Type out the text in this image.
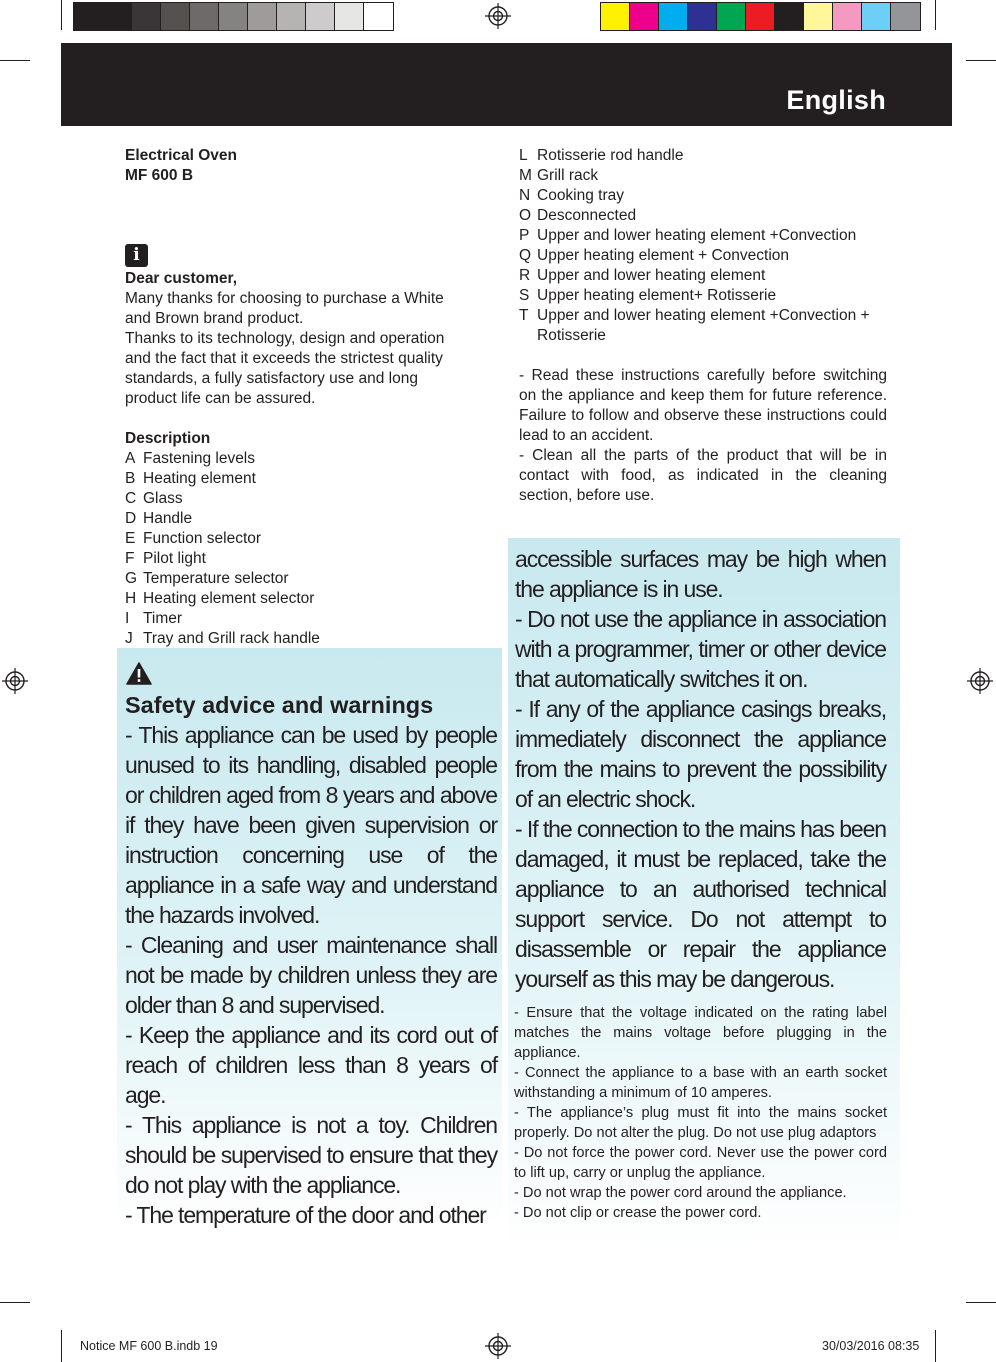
English
Electrical Oven
MF 600 B
i
Dear customer,
Many thanks for choosing to purchase a White
and Brown brand product.
Thanks to its technology, design and operation
and the fact that it exceeds the strictest quality
standards, a fully satisfactory use and long
product life can be assured.
Description
A Fastening levels
B Heating element
C Glass
D Handle
E Function selector
F Pilot light
G Temperature selector
H Heating element selector
I Timer
J Tray and Grill rack handle
L Rotisserie rod handle
M Grill rack
N Cooking tray
O Desconnected
P Upper and lower heating element +Convection
Q Upper heating element + Convection
R Upper and lower heating element
S Upper heating element+ Rotisserie
T Upper and lower heating element +Convection + Rotisserie

- Read these instructions carefully before switching on the appliance and keep them for future reference. Failure to follow and observe these instructions could lead to an accident.

- Clean all the parts of the product that will be in contact with food, as indicated in the cleaning section, before use.

Safety advice and warnings

- This appliance can be used by people unused to its handling, disabled people or children aged from 8 years and above if they have been given supervision or instruction concerning use of the appliance in a safe way and understand the hazards involved.

- Cleaning and user maintenance shall not be made by children unless they are older than 8 and supervised.

- Keep the appliance and its cord out of reach of children less than 8 years of age.

- This appliance is not a toy. Children should be supervised to ensure that they do not play with the appliance.

- The temperature of the door and other

accessible surfaces may be high when the appliance is in use.

- Do not use the appliance in association with a programmer, timer or other device that automatically switches it on.

- If any of the appliance casings breaks, immediately disconnect the appliance from the mains to prevent the possibility of an electric shock.

- If the connection to the mains has been damaged, it must be replaced, take the appliance to an authorised technical support service. Do not attempt to disassemble or repair the appliance yourself as this may be dangerous.

- Ensure that the voltage indicated on the rating label matches the mains voltage before plugging in the appliance.

- Connect the appliance to a base with an earth socket withstanding a minimum of 10 amperes.

- The appliance’s plug must fit into the mains socket properly. Do not alter the plug. Do not use plug adaptors

- Do not force the power cord. Never use the power cord to lift up, carry or unplug the appliance.

- Do not wrap the power cord around the appliance.

- Do not clip or crease the power cord.

Notice MF 600 B.indb 19	30/03/2016 08:35
